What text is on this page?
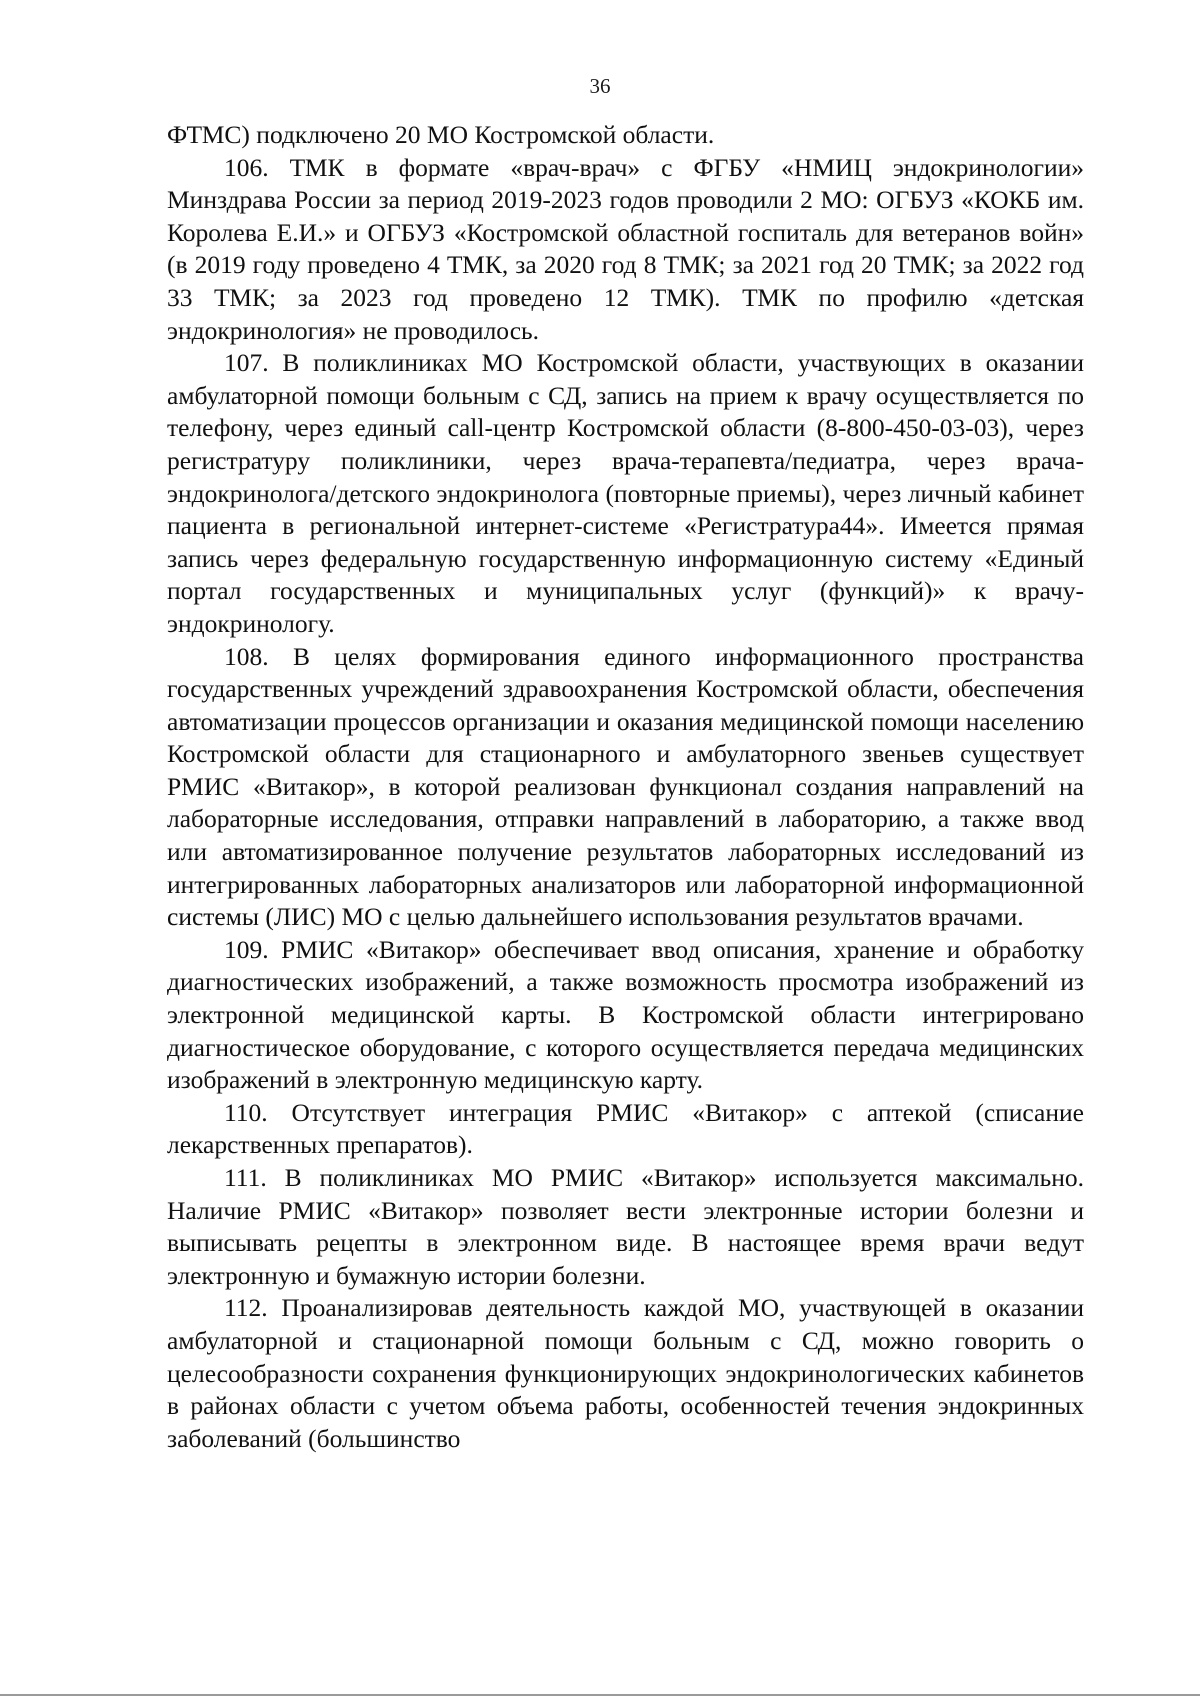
36

ФТМС) подключено 20 МО Костромской области.

106. ТМК в формате «врач-врач» с ФГБУ «НМИЦ эндокринологии» Минздрава России за период 2019-2023 годов проводили 2 МО: ОГБУЗ «КОКБ им. Королева Е.И.» и ОГБУЗ «Костромской областной госпиталь для ветеранов войн» (в 2019 году проведено 4 ТМК, за 2020 год 8 ТМК; за 2021 год 20 ТМК; за 2022 год 33 ТМК; за 2023 год проведено 12 ТМК). ТМК по профилю «детская эндокринология» не проводилось.

107. В поликлиниках МО Костромской области, участвующих в оказании амбулаторной помощи больным с СД, запись на прием к врачу осуществляется по телефону, через единый call-центр Костромской области (8-800-450-03-03), через регистратуру поликлиники, через врача-терапевта/педиатра, через врача-эндокринолога/детского эндокринолога (повторные приемы), через личный кабинет пациента в региональной интернет-системе «Регистратура44». Имеется прямая запись через федеральную государственную информационную систему «Единый портал государственных и муниципальных услуг (функций)» к врачу-эндокринологу.

108. В целях формирования единого информационного пространства государственных учреждений здравоохранения Костромской области, обеспечения автоматизации процессов организации и оказания медицинской помощи населению Костромской области для стационарного и амбулаторного звеньев существует РМИС «Витакор», в которой реализован функционал создания направлений на лабораторные исследования, отправки направлений в лабораторию, а также ввод или автоматизированное получение результатов лабораторных исследований из интегрированных лабораторных анализаторов или лабораторной информационной системы (ЛИС) МО с целью дальнейшего использования результатов врачами.

109. РМИС «Витакор» обеспечивает ввод описания, хранение и обработку диагностических изображений, а также возможность просмотра изображений из электронной медицинской карты. В Костромской области интегрировано диагностическое оборудование, с которого осуществляется передача медицинских изображений в электронную медицинскую карту.

110. Отсутствует интеграция РМИС «Витакор» с аптекой (списание лекарственных препаратов).

111. В поликлиниках МО РМИС «Витакор» используется максимально. Наличие РМИС «Витакор» позволяет вести электронные истории болезни и выписывать рецепты в электронном виде. В настоящее время врачи ведут электронную и бумажную истории болезни.

112. Проанализировав деятельность каждой МО, участвующей в оказании амбулаторной и стационарной помощи больным с СД, можно говорить о целесообразности сохранения функционирующих эндокринологических кабинетов в районах области с учетом объема работы, особенностей течения эндокринных заболеваний (большинство
